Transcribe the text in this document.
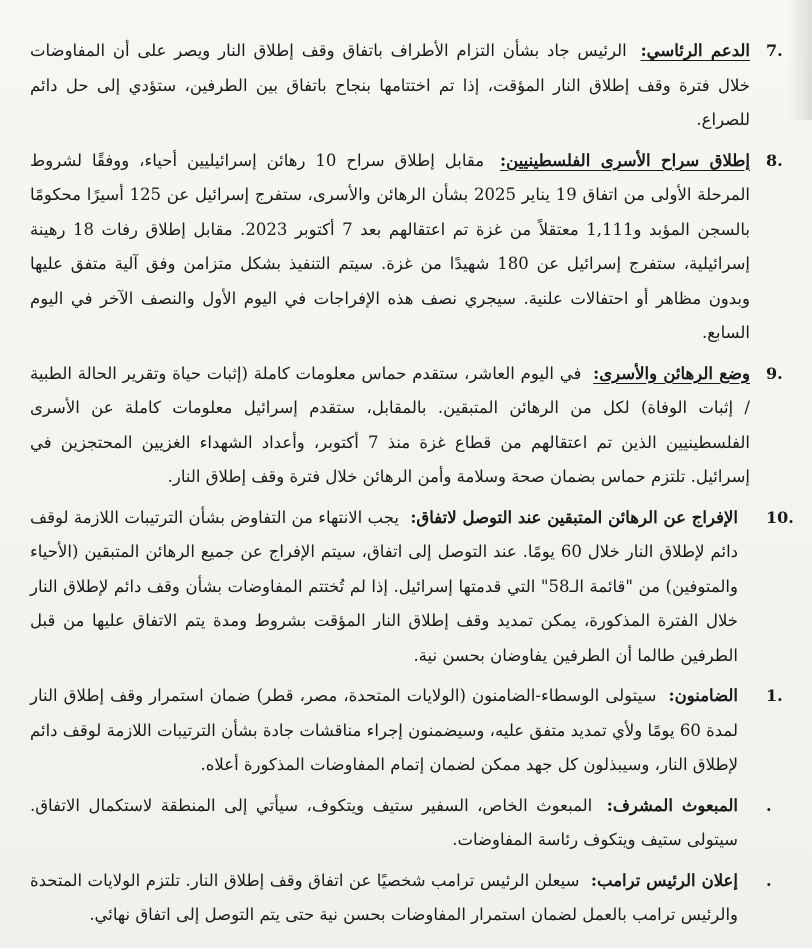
7.
الدعم الرئاسي: الرئيس جاد بشأن التزام الأطراف باتفاق وقف إطلاق النار ويصر على أن المفاوضات خلال فترة وقف إطلاق النار المؤقت، إذا تم اختتامها بنجاح باتفاق بين الطرفين، ستؤدي إلى حل دائم للصراع.
8.
إطلاق سراح الأسرى الفلسطينيين: مقابل إطلاق سراح 10 رهائن إسرائيليين أحياء، ووفقًا لشروط المرحلة الأولى من اتفاق 19 يناير 2025 بشأن الرهائن والأسرى، ستفرج إسرائيل عن 125 أسيرًا محكومًا بالسجن المؤبد و1,111 معتقلاً من غزة تم اعتقالهم بعد 7 أكتوبر 2023. مقابل إطلاق رفات 18 رهينة إسرائيلية، ستفرج إسرائيل عن 180 شهيدًا من غزة. سيتم التنفيذ بشكل متزامن وفق آلية متفق عليها وبدون مظاهر أو احتفالات علنية. سيجري نصف هذه الإفراجات في اليوم الأول والنصف الآخر في اليوم السابع.
9.
وضع الرهائن والأسرى: في اليوم العاشر، ستقدم حماس معلومات كاملة (إثبات حياة وتقرير الحالة الطبية / إثبات الوفاة) لكل من الرهائن المتبقين. بالمقابل، ستقدم إسرائيل معلومات كاملة عن الأسرى الفلسطينيين الذين تم اعتقالهم من قطاع غزة منذ 7 أكتوبر، وأعداد الشهداء الغزيين المحتجزين في إسرائيل. تلتزم حماس بضمان صحة وسلامة وأمن الرهائن خلال فترة وقف إطلاق النار.
10.
الإفراج عن الرهائن المتبقين عند التوصل لاتفاق: يجب الانتهاء من التفاوض بشأن الترتيبات اللازمة لوقف دائم لإطلاق النار خلال 60 يومًا. عند التوصل إلى اتفاق، سيتم الإفراج عن جميع الرهائن المتبقين (الأحياء والمتوفين) من "قائمة الـ58" التي قدمتها إسرائيل. إذا لم تُختتم المفاوضات بشأن وقف دائم لإطلاق النار خلال الفترة المذكورة، يمكن تمديد وقف إطلاق النار المؤقت بشروط ومدة يتم الاتفاق عليها من قبل الطرفين طالما أن الطرفين يفاوضان بحسن نية.
1.
الضامنون: سيتولى الوسطاء-الضامنون (الولايات المتحدة، مصر، قطر) ضمان استمرار وقف إطلاق النار لمدة 60 يومًا ولأي تمديد متفق عليه، وسيضمنون إجراء مناقشات جادة بشأن الترتيبات اللازمة لوقف دائم لإطلاق النار، وسيبذلون كل جهد ممكن لضمان إتمام المفاوضات المذكورة أعلاه.
.
المبعوث المشرف: المبعوث الخاص، السفير ستيف ويتكوف، سيأتي إلى المنطقة لاستكمال الاتفاق. سيتولى ستيف ويتكوف رئاسة المفاوضات.
.
إعلان الرئيس ترامب: سيعلن الرئيس ترامب شخصيًا عن اتفاق وقف إطلاق النار. تلتزم الولايات المتحدة والرئيس ترامب بالعمل لضمان استمرار المفاوضات بحسن نية حتى يتم التوصل إلى اتفاق نهائي.
